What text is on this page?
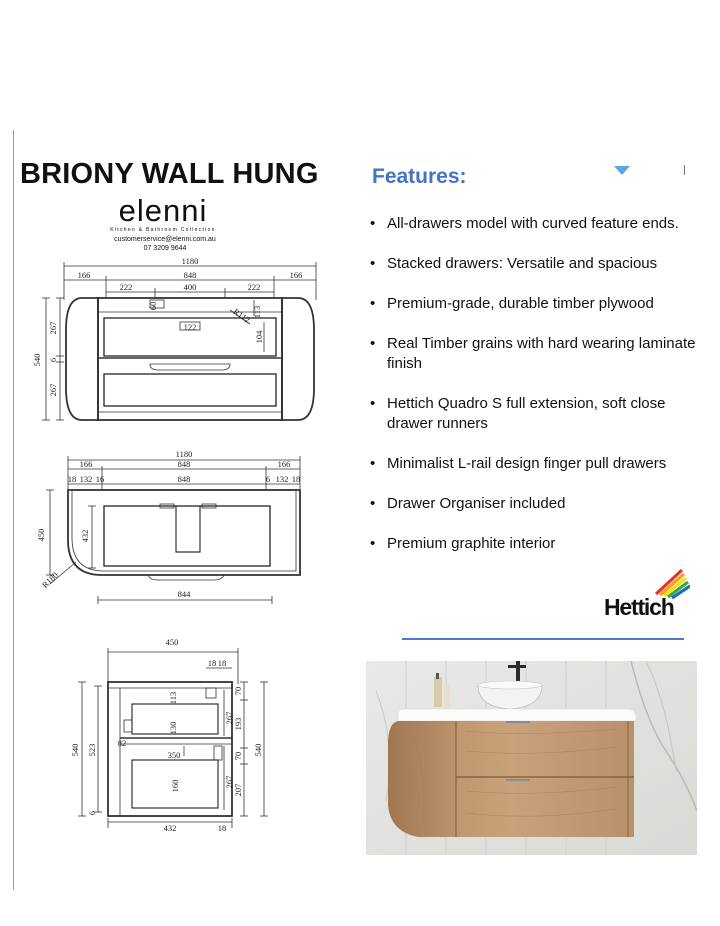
BRIONY WALL HUNG
elenni
Kitchen & Bathroom Collection
customerservice@elenni.com.au
07 3209 9644
1180
166	848	166
222	400	222
122
60	113
104
R112
540
267
6
267
1180
166	848	166
18 132 16	848	6 132 18
450	432
R180
844
450
18 18
113
130
82
350
160
70
267 193
70
207
267
540 523
6
432	18
540
Features:
• All-drawers model with curved feature ends.
• Stacked drawers: Versatile and spacious
• Premium-grade, durable timber plywood
• Real Timber grains with hard wearing laminate finish
• Hettich Quadro S full extension, soft close drawer runners
• Minimalist L-rail design finger pull drawers
• Drawer Organiser included
• Premium graphite interior
Hettich
